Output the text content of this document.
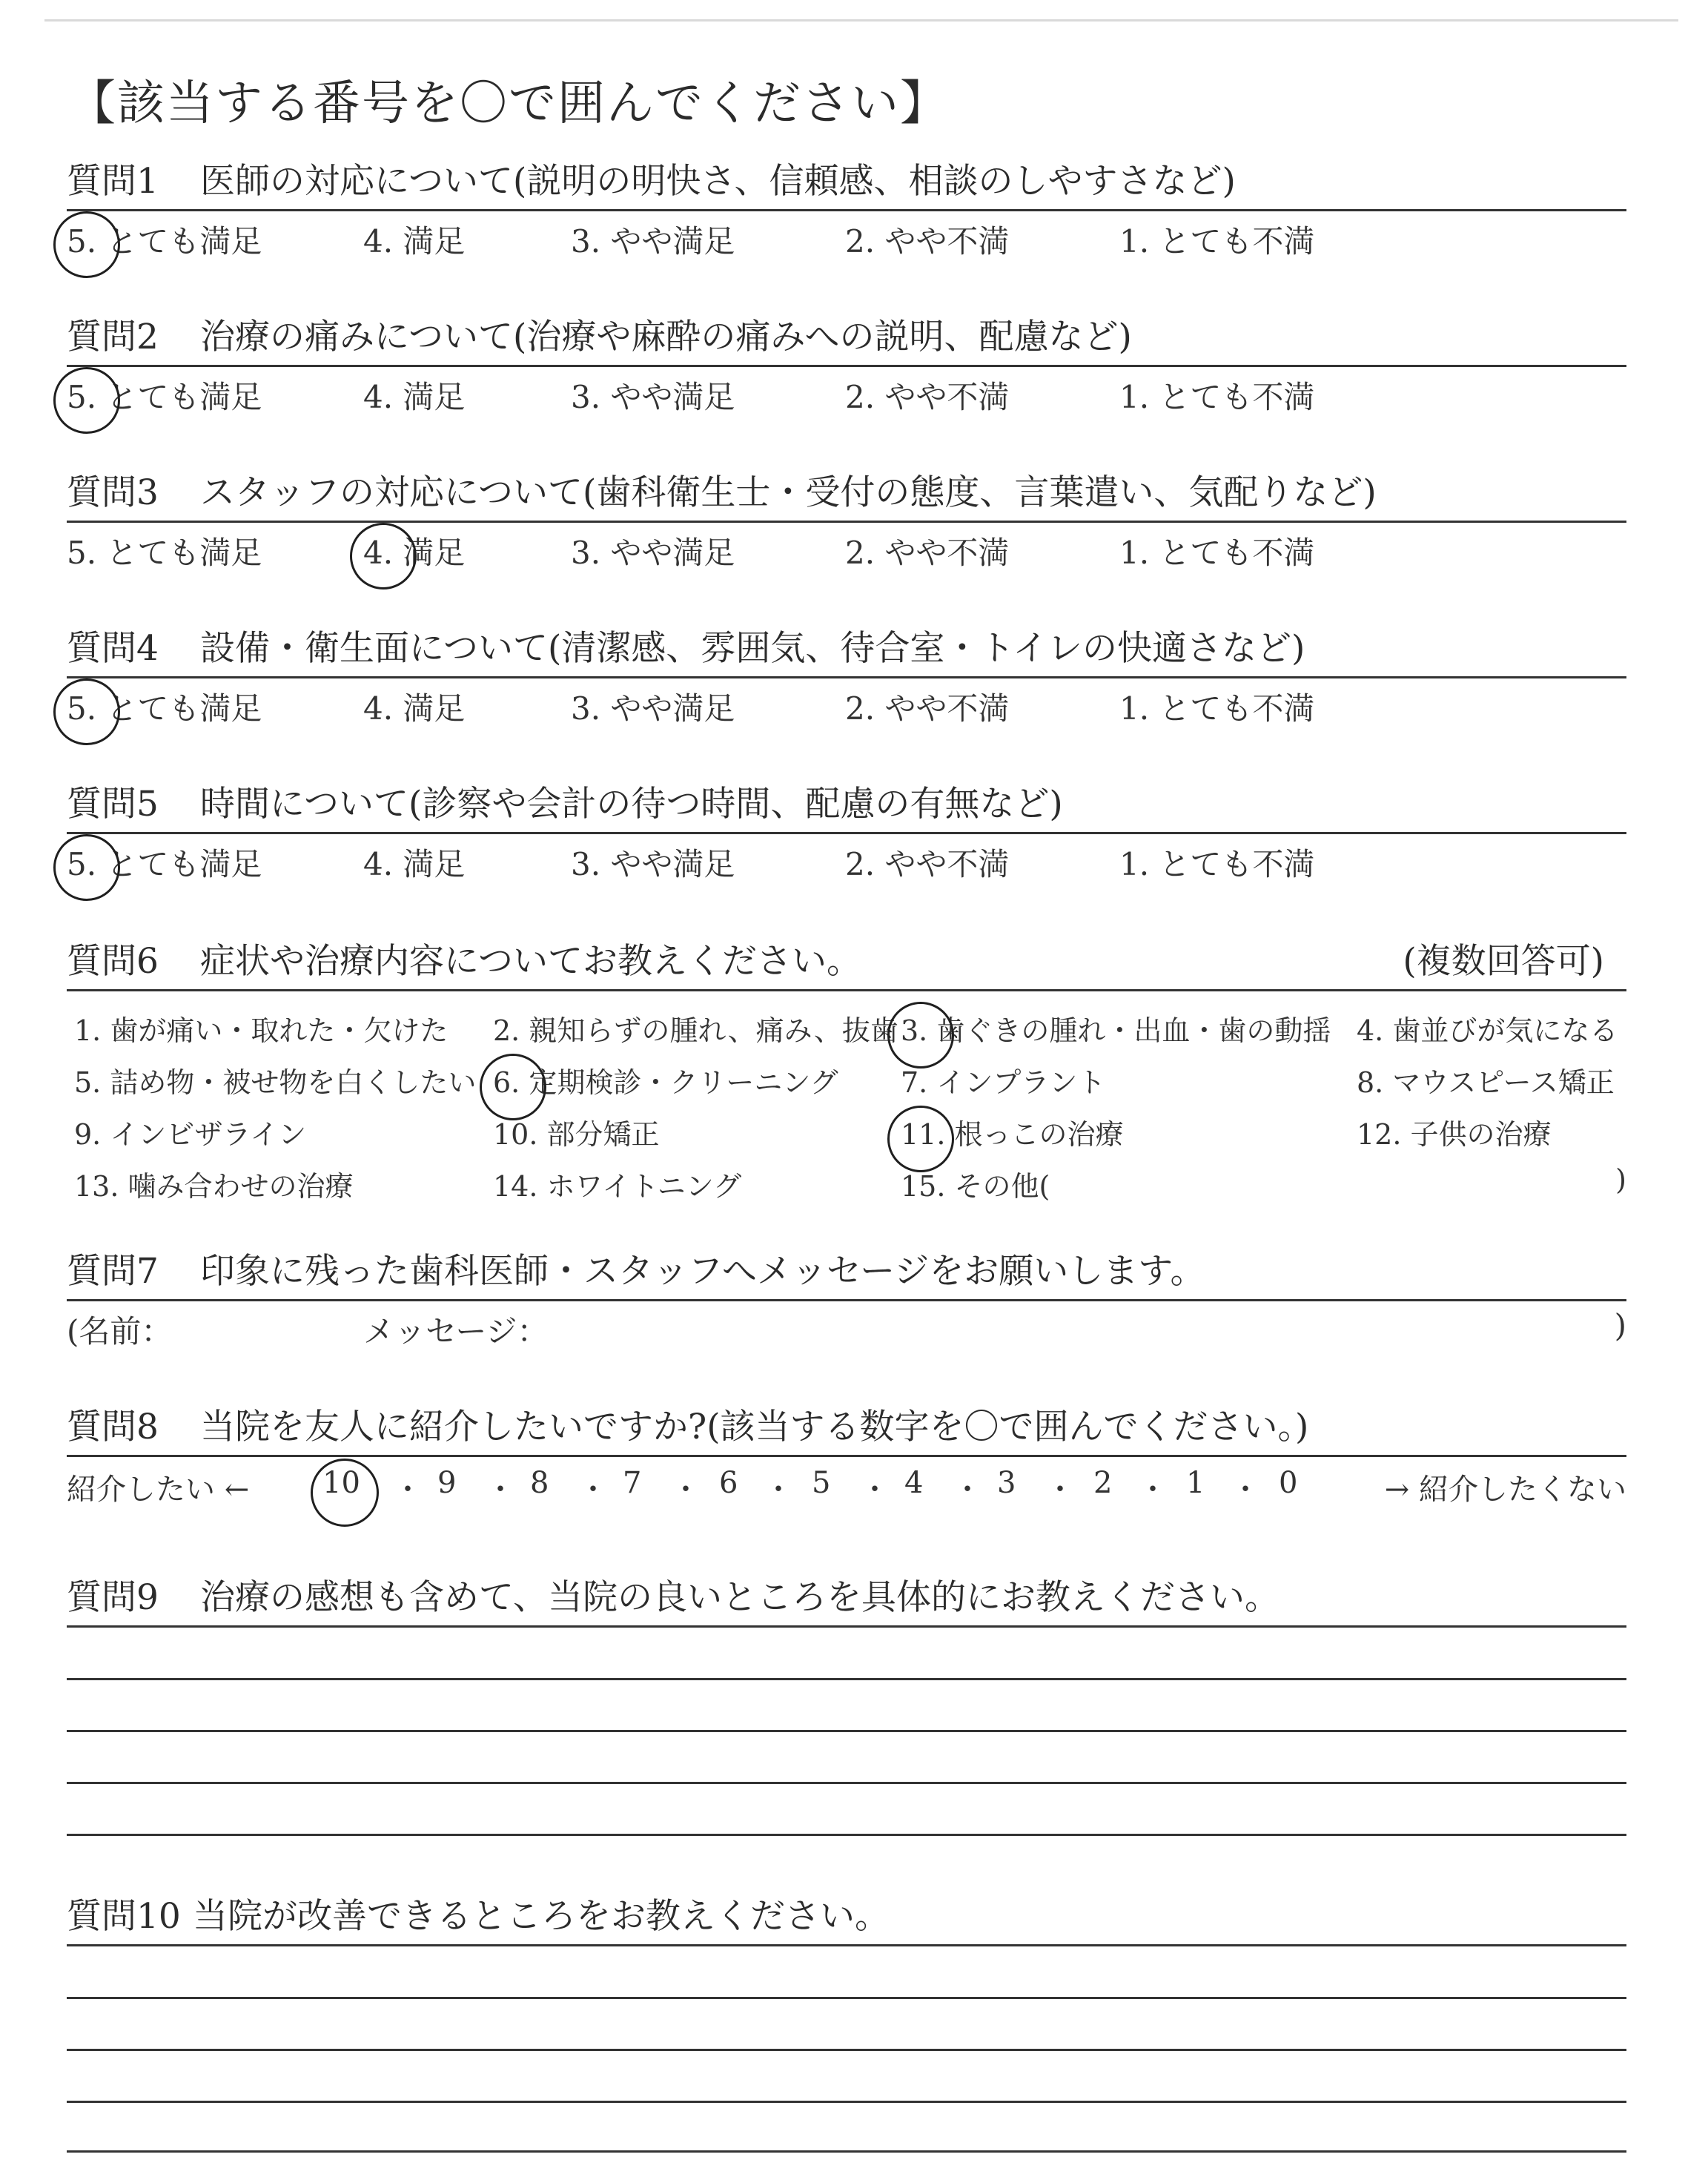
【該当する番号を〇で囲んでください】
質問1 医師の対応について(説明の明快さ、信頼感、相談のしやすさなど)
5. とても満足	4. 満足	3. やや満足	2. やや不満	1. とても不満
質問2 治療の痛みについて(治療や麻酔の痛みへの説明、配慮など)
5. とても満足	4. 満足	3. やや満足	2. やや不満	1. とても不満
質問3 スタッフの対応について(歯科衛生士・受付の態度、言葉遣い、気配りなど)
5. とても満足	4. 満足	3. やや満足	2. やや不満	1. とても不満
質問4 設備・衛生面について(清潔感、雰囲気、待合室・トイレの快適さなど)
5. とても満足	4. 満足	3. やや満足	2. やや不満	1. とても不満
質問5 時間について(診察や会計の待つ時間、配慮の有無など)
5. とても満足	4. 満足	3. やや満足	2. やや不満	1. とても不満
質問6 症状や治療内容についてお教えください。	(複数回答可)
1. 歯が痛い・取れた・欠けた 2. 親知らずの腫れ、痛み、抜歯 3. 歯ぐきの腫れ・出血・歯の動揺 4. 歯並びが気になる
5. 詰め物・被せ物を白くしたい 6. 定期検診・クリーニング 7. インプラント	8. マウスピース矯正
9. インビザライン	10. 部分矯正	11. 根っこの治療	12. 子供の治療
13. 噛み合わせの治療	14. ホワイトニング	15. その他(	)
質問7 印象に残った歯科医師・スタッフへメッセージをお願いします。
(名前：	メッセージ：	)
質問8 当院を友人に紹介したいですか?(該当する数字を〇で囲んでください。)
紹介したい ← 10 ・ 9 ・ 8 ・ 7 ・ 6 ・ 5 ・ 4 ・ 3 ・ 2 ・ 1 ・ 0	→ 紹介したくない
質問9 治療の感想も含めて、当院の良いところを具体的にお教えください。
質問10 当院が改善できるところをお教えください。
